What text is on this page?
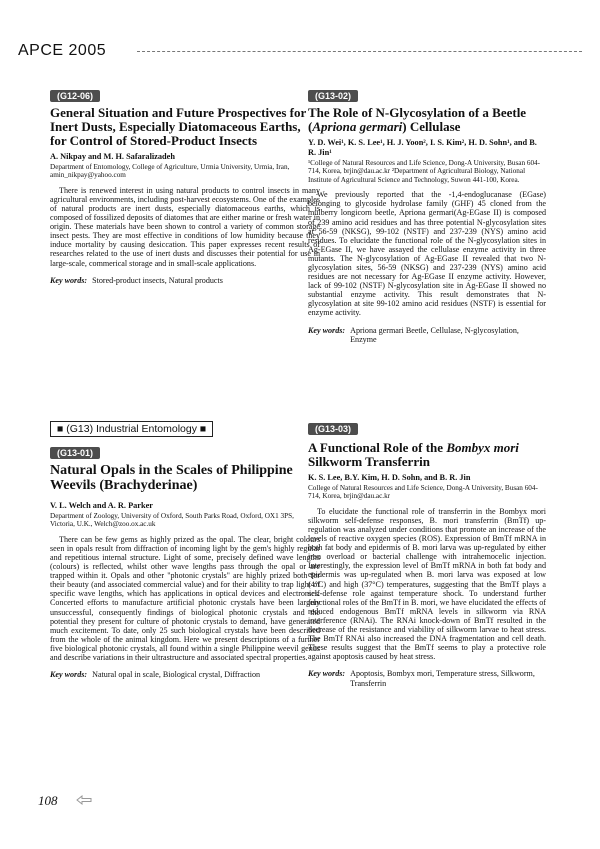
APCE 2005
(G12-06)
General Situation and Future Prospectives for Inert Dusts, Especially Diatomaceous Earths, for Control of Stored-Product Insects
A. Nikpay and M. H. Safaralizadeh
Department of Entomology, College of Agriculture, Urmia University, Urmia, Iran, amin_nikpay@yahoo.com

There is renewed interest in using natural products to control insects in many agricultural environments, including post-harvest ecosystems. One of the examples of natural products are inert dusts, especially diatomaceous earths, which is composed of fossilized deposits of diatomes that are either marine or fresh water in origin. These materials have been shown to control a variety of common storage insect pests. They are most effective in conditions of low humidity because they induce mortality by causing desiccation. This paper expresses recent results of researches related to the use of inert dusts and discusses their potential for use in large-scale, commerical storage and in small-scale applications.

Key words: Stored-product insects, Natural products
■ (G13) Industrial Entomology ■
(G13-01)
Natural Opals in the Scales of Philippine Weevils (Brachyderinae)
V. L. Welch and A. R. Parker
Department of Zoology, University of Oxford, South Parks Road, Oxford, OX1 3PS, Victoria, U.K., Welch@zoo.ox.ac.uk

There can be few gems as highly prized as the opal. The clear, bright colours seen in opals result from diffraction of incoming light by the gem's highly regular and repetitious internal structure. Light of some, precisely defined wave lengths (colours) is reflected, whilst other wave lengths pass through the opal or are trapped within it. Opals and other "photonic crystals" are highly prized both for their beauty (and associated commercial value) and for their ability to trap light of specific wave lengths, which has applications in optical devices and electronics. Concerted efforts to manufacture artificial photonic crystals have been largely unsuccessful, consequently findings of biological photonic crystals and the potential they present for culture of photonic crystals to demand, have generated much excitement. To date, only 25 such biological crystals have been described from the whole of the animal kingdom. Here we present descriptions of a further five biological photonic crystals, all found within a single Philippine weevil genus and describe variations in their ultrastructure and associated spectral properties.

Key words: Natural opal in scale, Biological crystal, Diffraction
(G13-02)
The Role of N-Glycosylation of a Beetle (Apriona germari) Cellulase
Y. D. Wei¹, K. S. Lee¹, H. J. Yoon², I. S. Kim², H. D. Sohn¹, and B. R. Jin¹
¹College of Natural Resources and Life Science, Dong-A University, Busan 604-714, Korea, brjin@dau.ac.kr ²Department of Agricultural Biology, National Institute of Agricultural Science and Technology, Suwon 441-100, Korea.

We previously reported that the -1,4-endoglucanase (EGase) belonging to glycoside hydrolase family (GHF) 45 cloned from the mulberry longicorn beetle, Apriona germari(Ag-EGase II) is composed of 239 amino acid residues and has three potential N-glycosylation sites at 56-59 (NKSG), 99-102 (NSTF) and 237-239 (NYS) amino acid residues. To elucidate the functional role of the N-glycosylation sites in Ag-EGase II, we have assayed the cellulase enzyme activity in three mutants. The N-glycosylation of Ag-EGase II revealed that two N-glycosylation sites, 56-59 (NKSG) and 237-239 (NYS) amino acid residues are not necessary for Ag-EGase II enzyme activity. However, lack of 99-102 (NSTF) N-glycosylation site in Ag-EGase II showed no substantial enzyme activity. This result demonstrates that N-glycosylation at site 99-102 amino acid residues (NSTF) is essential for enzyme activity.

Key words: Apriona germari Beetle, Cellulase, N-glycosylation, Enzyme
(G13-03)
A Functional Role of the Bombyx mori Silkworm Transferrin
K. S. Lee, B.Y. Kim, H. D. Sohn, and B. R. Jin
College of Natural Resources and Life Science, Dong-A University, Busan 604-714, Korea, brjin@dau.ac.kr

To elucidate the functional role of transferrin in the Bombyx mori silkworm self-defense responses, B. mori transferrin (BmTf) up-regulation was analyzed under conditions that promote an increase of the levels of reactive oxygen species (ROS). Expression of BmTf mRNA in both fat body and epidermis of B. mori larva was up-regulated by either iron overload or bacterial challenge with intrahemocelic injection. Interestingly, the expression level of BmTf mRNA in both fat body and epidermis was up-regulated when B. mori larva was exposed at low (4°C) and high (37°C) temperatures, suggesting that the BmTf plays a self-defense role against temperature shock. To understand further functional roles of the BmTf in B. mori, we have elucidated the effects of reduced endogenous BmTf mRNA levels in silkworm via RNA interference (RNAi). The RNAi knock-down of BmTf resulted in the decrease of the resistance and viability of silkworm larvae to heat stress. The BmTf RNAi also increased the DNA fragmentation and cell death. These results suggest that the BmTf seems to play a protective role against apoptosis caused by heat stress.

Key words: Apoptosis, Bombyx mori, Temperature stress, Silkworm, Transferrin
108
